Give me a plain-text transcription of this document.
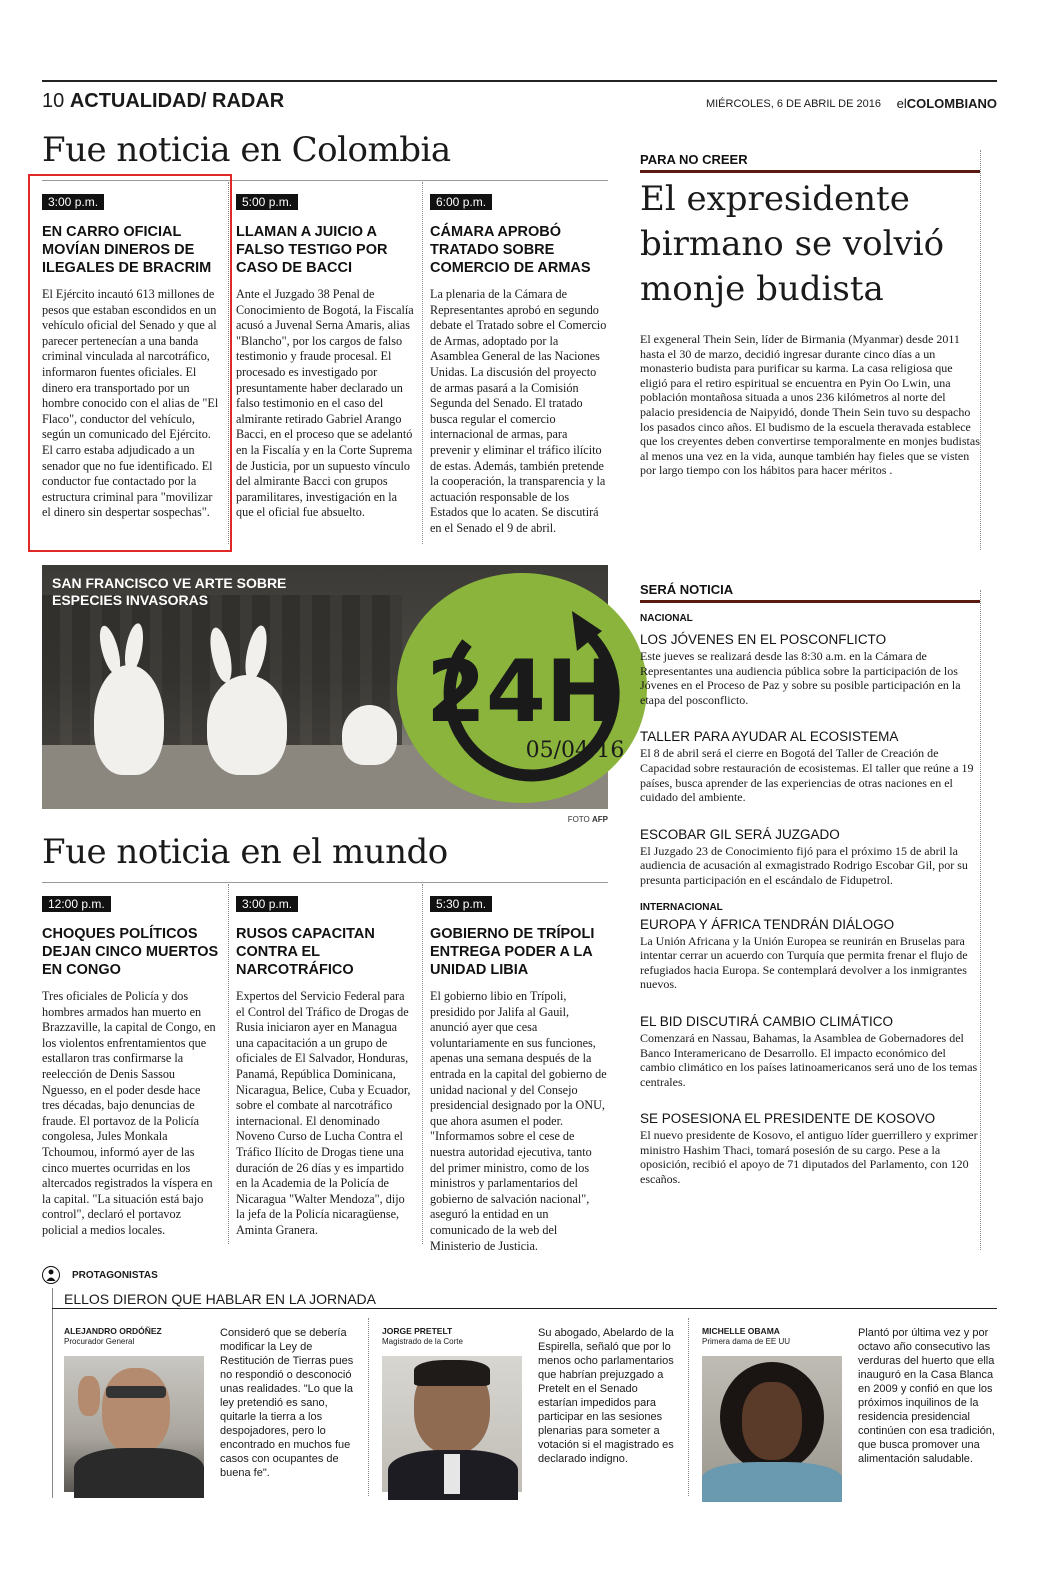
10 ACTUALIDAD/ RADAR	MIÉRCOLES, 6 DE ABRIL DE 2016 elCOLOMBIANO
Fue noticia en Colombia
3:00 p.m.
EN CARRO OFICIAL MOVÍAN DINEROS DE ILEGALES DE BRACRIM
El Ejército incautó 613 millones de pesos que estaban escondidos en un vehículo oficial del Senado y que al parecer pertenecían a una banda criminal vinculada al narcotráfico, informaron fuentes oficiales. El dinero era transportado por un hombre conocido con el alias de "El Flaco", conductor del vehículo, según un comunicado del Ejército. El carro estaba adjudicado a un senador que no fue identificado. El conductor fue contactado por la estructura criminal para "movilizar el dinero sin despertar sospechas".
5:00 p.m.
LLAMAN A JUICIO A FALSO TESTIGO POR CASO DE BACCI
Ante el Juzgado 38 Penal de Conocimiento de Bogotá, la Fiscalía acusó a Juvenal Serna Amaris, alias "Blancho", por los cargos de falso testimonio y fraude procesal. El procesado es investigado por presuntamente haber declarado un falso testimonio en el caso del almirante retirado Gabriel Arango Bacci, en el proceso que se adelantó en la Fiscalía y en la Corte Suprema de Justicia, por un supuesto vínculo del almirante Bacci con grupos paramilitares, investigación en la que el oficial fue absuelto.
6:00 p.m.
CÁMARA APROBÓ TRATADO SOBRE COMERCIO DE ARMAS
La plenaria de la Cámara de Representantes aprobó en segundo debate el Tratado sobre el Comercio de Armas, adoptado por la Asamblea General de las Naciones Unidas. La discusión del proyecto de armas pasará a la Comisión Segunda del Senado. El tratado busca regular el comercio internacional de armas, para prevenir y eliminar el tráfico ilícito de estas. Además, también pretende la cooperación, la transparencia y la actuación responsable de los Estados que lo acaten. Se discutirá en el Senado el 9 de abril.
PARA NO CREER
El expresidente birmano se volvió monje budista
El exgeneral Thein Sein, líder de Birmania (Myanmar) desde 2011 hasta el 30 de marzo, decidió ingresar durante cinco días a un monasterio budista para purificar su karma. La casa religiosa que eligió para el retiro espiritual se encuentra en Pyin Oo Lwin, una población montañosa situada a unos 236 kilómetros al norte del palacio presidencia de Naipyidó, donde Thein Sein tuvo su despacho los pasados cinco años. El budismo de la escuela theravada establece que los creyentes deben convertirse temporalmente en monjes budistas al menos una vez en la vida, aunque también hay fieles que se visten por largo tiempo con los hábitos para hacer méritos .
SAN FRANCISCO VE ARTE SOBRE ESPECIES INVASORAS
24H
05/04/16
FOTO AFP
SERÁ NOTICIA
NACIONAL
LOS JÓVENES EN EL POSCONFLICTO
Este jueves se realizará desde las 8:30 a.m. en la Cámara de Representantes una audiencia pública sobre la participación de los Jóvenes en el Proceso de Paz y sobre su posible participación en la etapa del posconflicto.
TALLER PARA AYUDAR AL ECOSISTEMA
El 8 de abril será el cierre en Bogotá del Taller de Creación de Capacidad sobre restauración de ecosistemas. El taller que reúne a 19 países, busca aprender de las experiencias de otras naciones en el cuidado del ambiente.
ESCOBAR GIL SERÁ JUZGADO
El Juzgado 23 de Conocimiento fijó para el próximo 15 de abril la audiencia de acusación al exmagistrado Rodrigo Escobar Gil, por su presunta participación en el escándalo de Fidupetrol.
INTERNACIONAL
EUROPA Y ÁFRICA TENDRÁN DIÁLOGO
La Unión Africana y la Unión Europea se reunirán en Bruselas para intentar cerrar un acuerdo con Turquía que permita frenar el flujo de refugiados hacia Europa. Se contemplará devolver a los inmigrantes nuevos.
EL BID DISCUTIRÁ CAMBIO CLIMÁTICO
Comenzará en Nassau, Bahamas, la Asamblea de Gobernadores del Banco Interamericano de Desarrollo. El impacto económico del cambio climático en los países latinoamericanos será uno de los temas centrales.
SE POSESIONA EL PRESIDENTE DE KOSOVO
El nuevo presidente de Kosovo, el antiguo líder guerrillero y exprimer ministro Hashim Thaci, tomará posesión de su cargo. Pese a la oposición, recibió el apoyo de 71 diputados del Parlamento, con 120 escaños.
Fue noticia en el mundo
12:00 p.m.
CHOQUES POLÍTICOS DEJAN CINCO MUERTOS EN CONGO
Tres oficiales de Policía y dos hombres armados han muerto en Brazzaville, la capital de Congo, en los violentos enfrentamientos que estallaron tras confirmarse la reelección de Denis Sassou Nguesso, en el poder desde hace tres décadas, bajo denuncias de fraude. El portavoz de la Policía congolesa, Jules Monkala Tchoumou, informó ayer de las cinco muertes ocurridas en los altercados registrados la víspera en la capital. "La situación está bajo control", declaró el portavoz policial a medios locales.
3:00 p.m.
RUSOS CAPACITAN CONTRA EL NARCOTRÁFICO
Expertos del Servicio Federal para el Control del Tráfico de Drogas de Rusia iniciaron ayer en Managua una capacitación a un grupo de oficiales de El Salvador, Honduras, Panamá, República Dominicana, Nicaragua, Belice, Cuba y Ecuador, sobre el combate al narcotráfico internacional. El denominado Noveno Curso de Lucha Contra el Tráfico Ilícito de Drogas tiene una duración de 26 días y es impartido en la Academia de la Policía de Nicaragua "Walter Mendoza", dijo la jefa de la Policía nicaragüense, Aminta Granera.
5:30 p.m.
GOBIERNO DE TRÍPOLI ENTREGA PODER A LA UNIDAD LIBIA
El gobierno libio en Trípoli, presidido por Jalifa al Gauil, anunció ayer que cesa voluntariamente en sus funciones, apenas una semana después de la entrada en la capital del gobierno de unidad nacional y del Consejo presidencial designado por la ONU, que ahora asumen el poder. "Informamos sobre el cese de nuestra autoridad ejecutiva, tanto del primer ministro, como de los ministros y parlamentarios del gobierno de salvación nacional", aseguró la entidad en un comunicado de la web del Ministerio de Justicia.
PROTAGONISTAS
ELLOS DIERON QUE HABLAR EN LA JORNADA
ALEJANDRO ORDÓÑEZ
Procurador General
Consideró que se debería modificar la Ley de Restitución de Tierras pues no respondió o desconoció unas realidades. "Lo que la ley pretendió es sano, quitarle la tierra a los despojadores, pero lo encontrado en muchos fue casos con ocupantes de buena fe".
JORGE PRETELT
Magistrado de la Corte
Su abogado, Abelardo de la Espirella, señaló que por lo menos ocho parlamentarios que habrían prejuzgado a Pretelt en el Senado estarían impedidos para participar en las sesiones plenarias para someter a votación si el magistrado es declarado indigno.
MICHELLE OBAMA
Primera dama de EE UU
Plantó por última vez y por octavo año consecutivo las verduras del huerto que ella inauguró en la Casa Blanca en 2009 y confió en que los próximos inquilinos de la residencia presidencial continúen con esa tradición, que busca promover una alimentación saludable.
